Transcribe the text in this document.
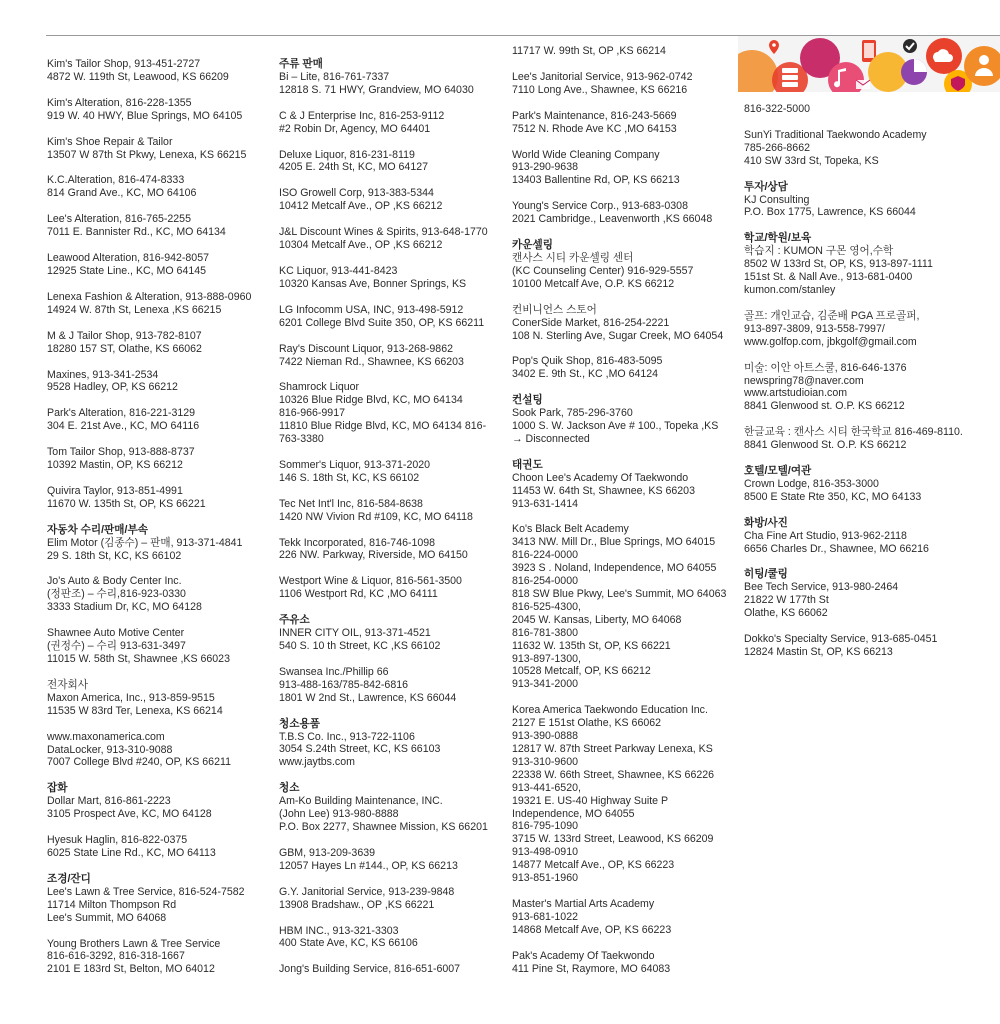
Kim's Tailor Shop, 913-451-2727
4872 W. 119th St, Leawood, KS 66209
Kim's Alteration, 816-228-1355
919 W. 40 HWY, Blue Springs, MO 64105
Kim's Shoe Repair & Tailor
13507 W 87th St Pkwy, Lenexa, KS 66215
K.C.Alteration, 816-474-8333
814 Grand Ave., KC, MO 64106
Lee's Alteration, 816-765-2255
7011 E. Bannister Rd., KC, MO 64134
Leawood Alteration, 816-942-8057
12925 State Line., KC, MO 64145
Lenexa Fashion & Alteration, 913-888-0960
14924 W. 87th St, Lenexa ,KS 66215
M & J Tailor Shop, 913-782-8107
18280 157 ST, Olathe, KS 66062
Maxines, 913-341-2534
9528 Hadley, OP, KS 66212
Park's Alteration, 816-221-3129
304 E. 21st Ave., KC, MO 64116
Tom Tailor Shop, 913-888-8737
10392 Mastin, OP, KS 66212
Quivira Taylor, 913-851-4991
11670 W. 135th St, OP, KS 66221
자동차 수리/판매/부속
Elim Motor (김종수) – 판매, 913-371-4841
29 S. 18th St, KC, KS 66102
Jo's Auto & Body Center Inc.
(정판조) – 수리,816-923-0330
3333 Stadium Dr, KC, MO 64128
Shawnee Auto Motive Center
(권정수) – 수리 913-631-3497
11015 W. 58th St, Shawnee ,KS 66023
전자회사
Maxon America, Inc., 913-859-9515
11535 W 83rd Ter, Lenexa, KS 66214
www.maxonamerica.com
DataLocker, 913-310-9088
7007 College Blvd #240, OP, KS 66211
잡화
Dollar Mart, 816-861-2223
3105 Prospect Ave, KC, MO 64128
Hyesuk Haglin, 816-822-0375
6025 State Line Rd., KC, MO 64113
조경/잔디
Lee's Lawn & Tree Service, 816-524-7582
11714 Milton Thompson Rd
Lee's Summit, MO 64068
Young Brothers Lawn & Tree Service
816-616-3292, 816-318-1667
2101 E 183rd St, Belton, MO 64012
주류 판매
Bi – Lite, 816-761-7337
12818 S. 71 HWY, Grandview, MO 64030
C & J Enterprise Inc, 816-253-9112
#2 Robin Dr, Agency, MO 64401
Deluxe Liquor, 816-231-8119
4205 E. 24th St, KC, MO 64127
ISO Growell Corp, 913-383-5344
10412 Metcalf Ave., OP ,KS 66212
J&L Discount Wines & Spirits, 913-648-1770
10304 Metcalf Ave., OP ,KS 66212
KC Liquor, 913-441-8423
10320 Kansas Ave, Bonner Springs, KS
LG Infocomm USA, INC, 913-498-5912
6201 College Blvd Suite 350, OP, KS 66211
Ray's Discount Liquor, 913-268-9862
7422 Nieman Rd., Shawnee, KS 66203
Shamrock Liquor
10326 Blue Ridge Blvd, KC, MO 64134
816-966-9917
11810 Blue Ridge Blvd, KC, MO 64134 816-
763-3380
Sommer's Liquor, 913-371-2020
146 S. 18th St, KC, KS 66102
Tec Net Int'l Inc, 816-584-8638
1420 NW Vivion Rd #109, KC, MO 64118
Tekk Incorporated, 816-746-1098
226 NW. Parkway, Riverside, MO 64150
Westport Wine & Liquor, 816-561-3500
1106 Westport Rd, KC ,MO 64111
주유소
INNER CITY OIL, 913-371-4521
540 S. 10 th Street, KC ,KS 66102
Swansea Inc./Phillip 66
913-488-163/785-842-6816
1801 W 2nd St., Lawrence, KS 66044
청소용품
T.B.S Co. Inc., 913-722-1106
3054 S.24th Street, KC, KS 66103
www.jaytbs.com
청소
Am-Ko Building Maintenance, INC.
(John Lee) 913-980-8888
P.O. Box 2277, Shawnee Mission, KS 66201
GBM, 913-209-3639
12057 Hayes Ln #144., OP, KS 66213
G.Y. Janitorial Service, 913-239-9848
13908 Bradshaw., OP ,KS 66221
HBM INC., 913-321-3303
400 State Ave, KC, KS 66106
Jong's Building Service, 816-651-6007
11717 W. 99th St, OP ,KS 66214
Lee's Janitorial Service, 913-962-0742
7110 Long Ave., Shawnee, KS 66216
Park's Maintenance, 816-243-5669
7512 N. Rhode Ave KC ,MO 64153
World Wide Cleaning Company
913-290-9638
13403 Ballentine Rd, OP, KS 66213
Young's Service Corp., 913-683-0308
2021 Cambridge., Leavenworth ,KS 66048
카운셀링
캔사스 시티 카운셀링 센터
(KC Counseling Center) 916-929-5557
10100 Metcalf Ave, O.P. KS 66212
컨비니언스 스토어
ConerSide Market, 816-254-2221
108 N. Sterling Ave, Sugar Creek, MO 64054
Pop's Quik Shop, 816-483-5095
3402 E. 9th St., KC ,MO 64124
컨설팅
Sook Park, 785-296-3760
1000 S. W. Jackson Ave # 100., Topeka ,KS
→ Disconnected
태권도
Choon Lee's Academy Of Taekwondo
11453 W. 64th St, Shawnee, KS 66203
913-631-1414
Ko's Black Belt Academy
3413 NW. Mill Dr., Blue Springs, MO 64015
816-224-0000
3923 S . Noland, Independence, MO 64055
816-254-0000
818 SW Blue Pkwy, Lee's Summit, MO 64063
816-525-4300,
2045 W. Kansas, Liberty, MO 64068
816-781-3800
11632 W. 135th St, OP, KS 66221
913-897-1300,
10528 Metcalf, OP, KS 66212
913-341-2000
Korea America Taekwondo Education Inc.
2127 E 151st Olathe, KS 66062
913-390-0888
12817 W. 87th Street Parkway Lenexa, KS
913-310-9600
22338 W. 66th Street, Shawnee, KS 66226
913-441-6520,
19321 E. US-40 Highway Suite P
Independence, MO 64055
816-795-1090
3715 W. 133rd Street, Leawood, KS 66209
913-498-0910
14877 Metcalf Ave., OP, KS 66223
913-851-1960
Master's Martial Arts Academy
913-681-1022
14868 Metcalf Ave, OP, KS 66223
Pak's Academy Of Taekwondo
411 Pine St, Raymore, MO 64083
816-322-5000
SunYi Traditional Taekwondo Academy
785-266-8662
410 SW 33rd St, Topeka, KS
투자/상담
KJ Consulting
P.O. Box 1775, Lawrence, KS 66044
학교/학원/보육
학습지 : KUMON 구몬 영어,수학
8502 W 133rd St, OP, KS, 913-897-1111
151st St. & Nall Ave., 913-681-0400
kumon.com/stanley
골프: 개인교습, 김준배 PGA 프로골퍼,
913-897-3809, 913-558-7997/
www.golfop.com, jbkgolf@gmail.com
미술: 이안 아트스쿨, 816-646-1376
newspring78@naver.com
www.artstudioian.com
8841 Glenwood st. O.P. KS 66212
한글교육 : 캔사스 시티 한국학교 816-469-8110.
8841 Glenwood St. O.P. KS 66212
호텔/모텔/여관
Crown Lodge, 816-353-3000
8500 E State Rte 350, KC, MO 64133
화방/사진
Cha Fine Art Studio, 913-962-2118
6656 Charles Dr., Shawnee, MO 66216
히팅/쿨링
Bee Tech Service, 913-980-2464
21822 W 177th St
Olathe, KS 66062
Dokko's Specialty Service, 913-685-0451
12824 Mastin St, OP, KS 66213
